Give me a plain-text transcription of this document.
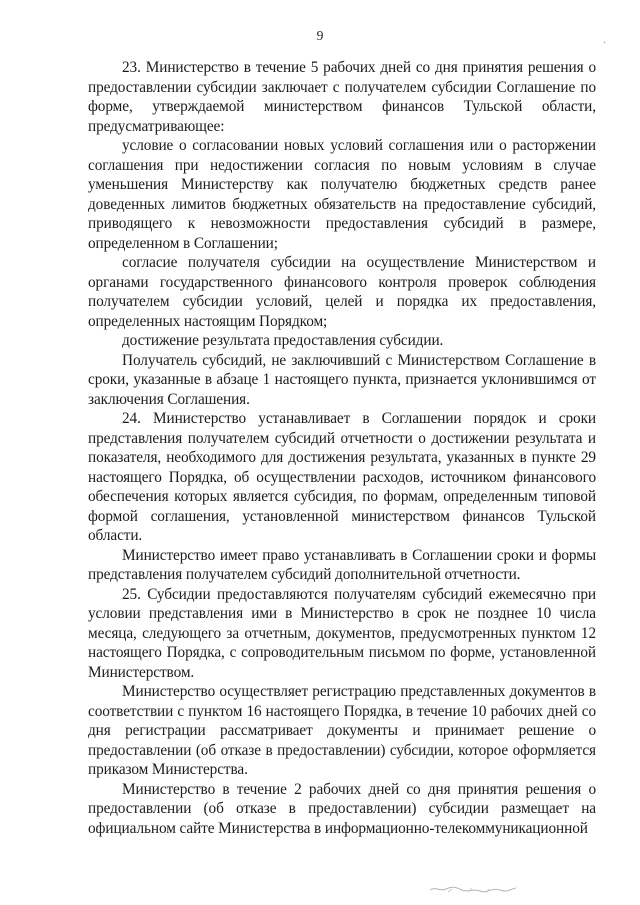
9
·

23. Министерство в течение 5 рабочих дней со дня принятия решения о предоставлении субсидии заключает с получателем субсидии Соглашение по форме, утверждаемой министерством финансов Тульской области, предусматривающее:

условие о согласовании новых условий соглашения или о расторжении соглашения при недостижении согласия по новым условиям в случае уменьшения Министерству как получателю бюджетных средств ранее доведенных лимитов бюджетных обязательств на предоставление субсидий, приводящего к невозможности предоставления субсидий в размере, определенном в Соглашении;

согласие получателя субсидии на осуществление Министерством и органами государственного финансового контроля проверок соблюдения получателем субсидии условий, целей и порядка их предоставления, определенных настоящим Порядком;

достижение результата предоставления субсидии.

Получатель субсидий, не заключивший с Министерством Соглашение в сроки, указанные в абзаце 1 настоящего пункта, признается уклонившимся от заключения Соглашения.

24. Министерство устанавливает в Соглашении порядок и сроки представления получателем субсидий отчетности о достижении результата и показателя, необходимого для достижения результата, указанных в пункте 29 настоящего Порядка, об осуществлении расходов, источником финансового обеспечения которых является субсидия, по формам, определенным типовой формой соглашения, установленной министерством финансов Тульской области.

Министерство имеет право устанавливать в Соглашении сроки и формы представления получателем субсидий дополнительной отчетности.

25. Субсидии предоставляются получателям субсидий ежемесячно при условии представления ими в Министерство в срок не позднее 10 числа месяца, следующего за отчетным, документов, предусмотренных пунктом 12 настоящего Порядка, с сопроводительным письмом по форме, установленной Министерством.

Министерство осуществляет регистрацию представленных документов в соответствии с пунктом 16 настоящего Порядка, в течение 10 рабочих дней со дня регистрации рассматривает документы и принимает решение о предоставлении (об отказе в предоставлении) субсидии, которое оформляется приказом Министерства.

Министерство в течение 2 рабочих дней со дня принятия решения о предоставлении (об отказе в предоставлении) субсидии размещает на официальном сайте Министерства в информационно-телекоммуникационной
